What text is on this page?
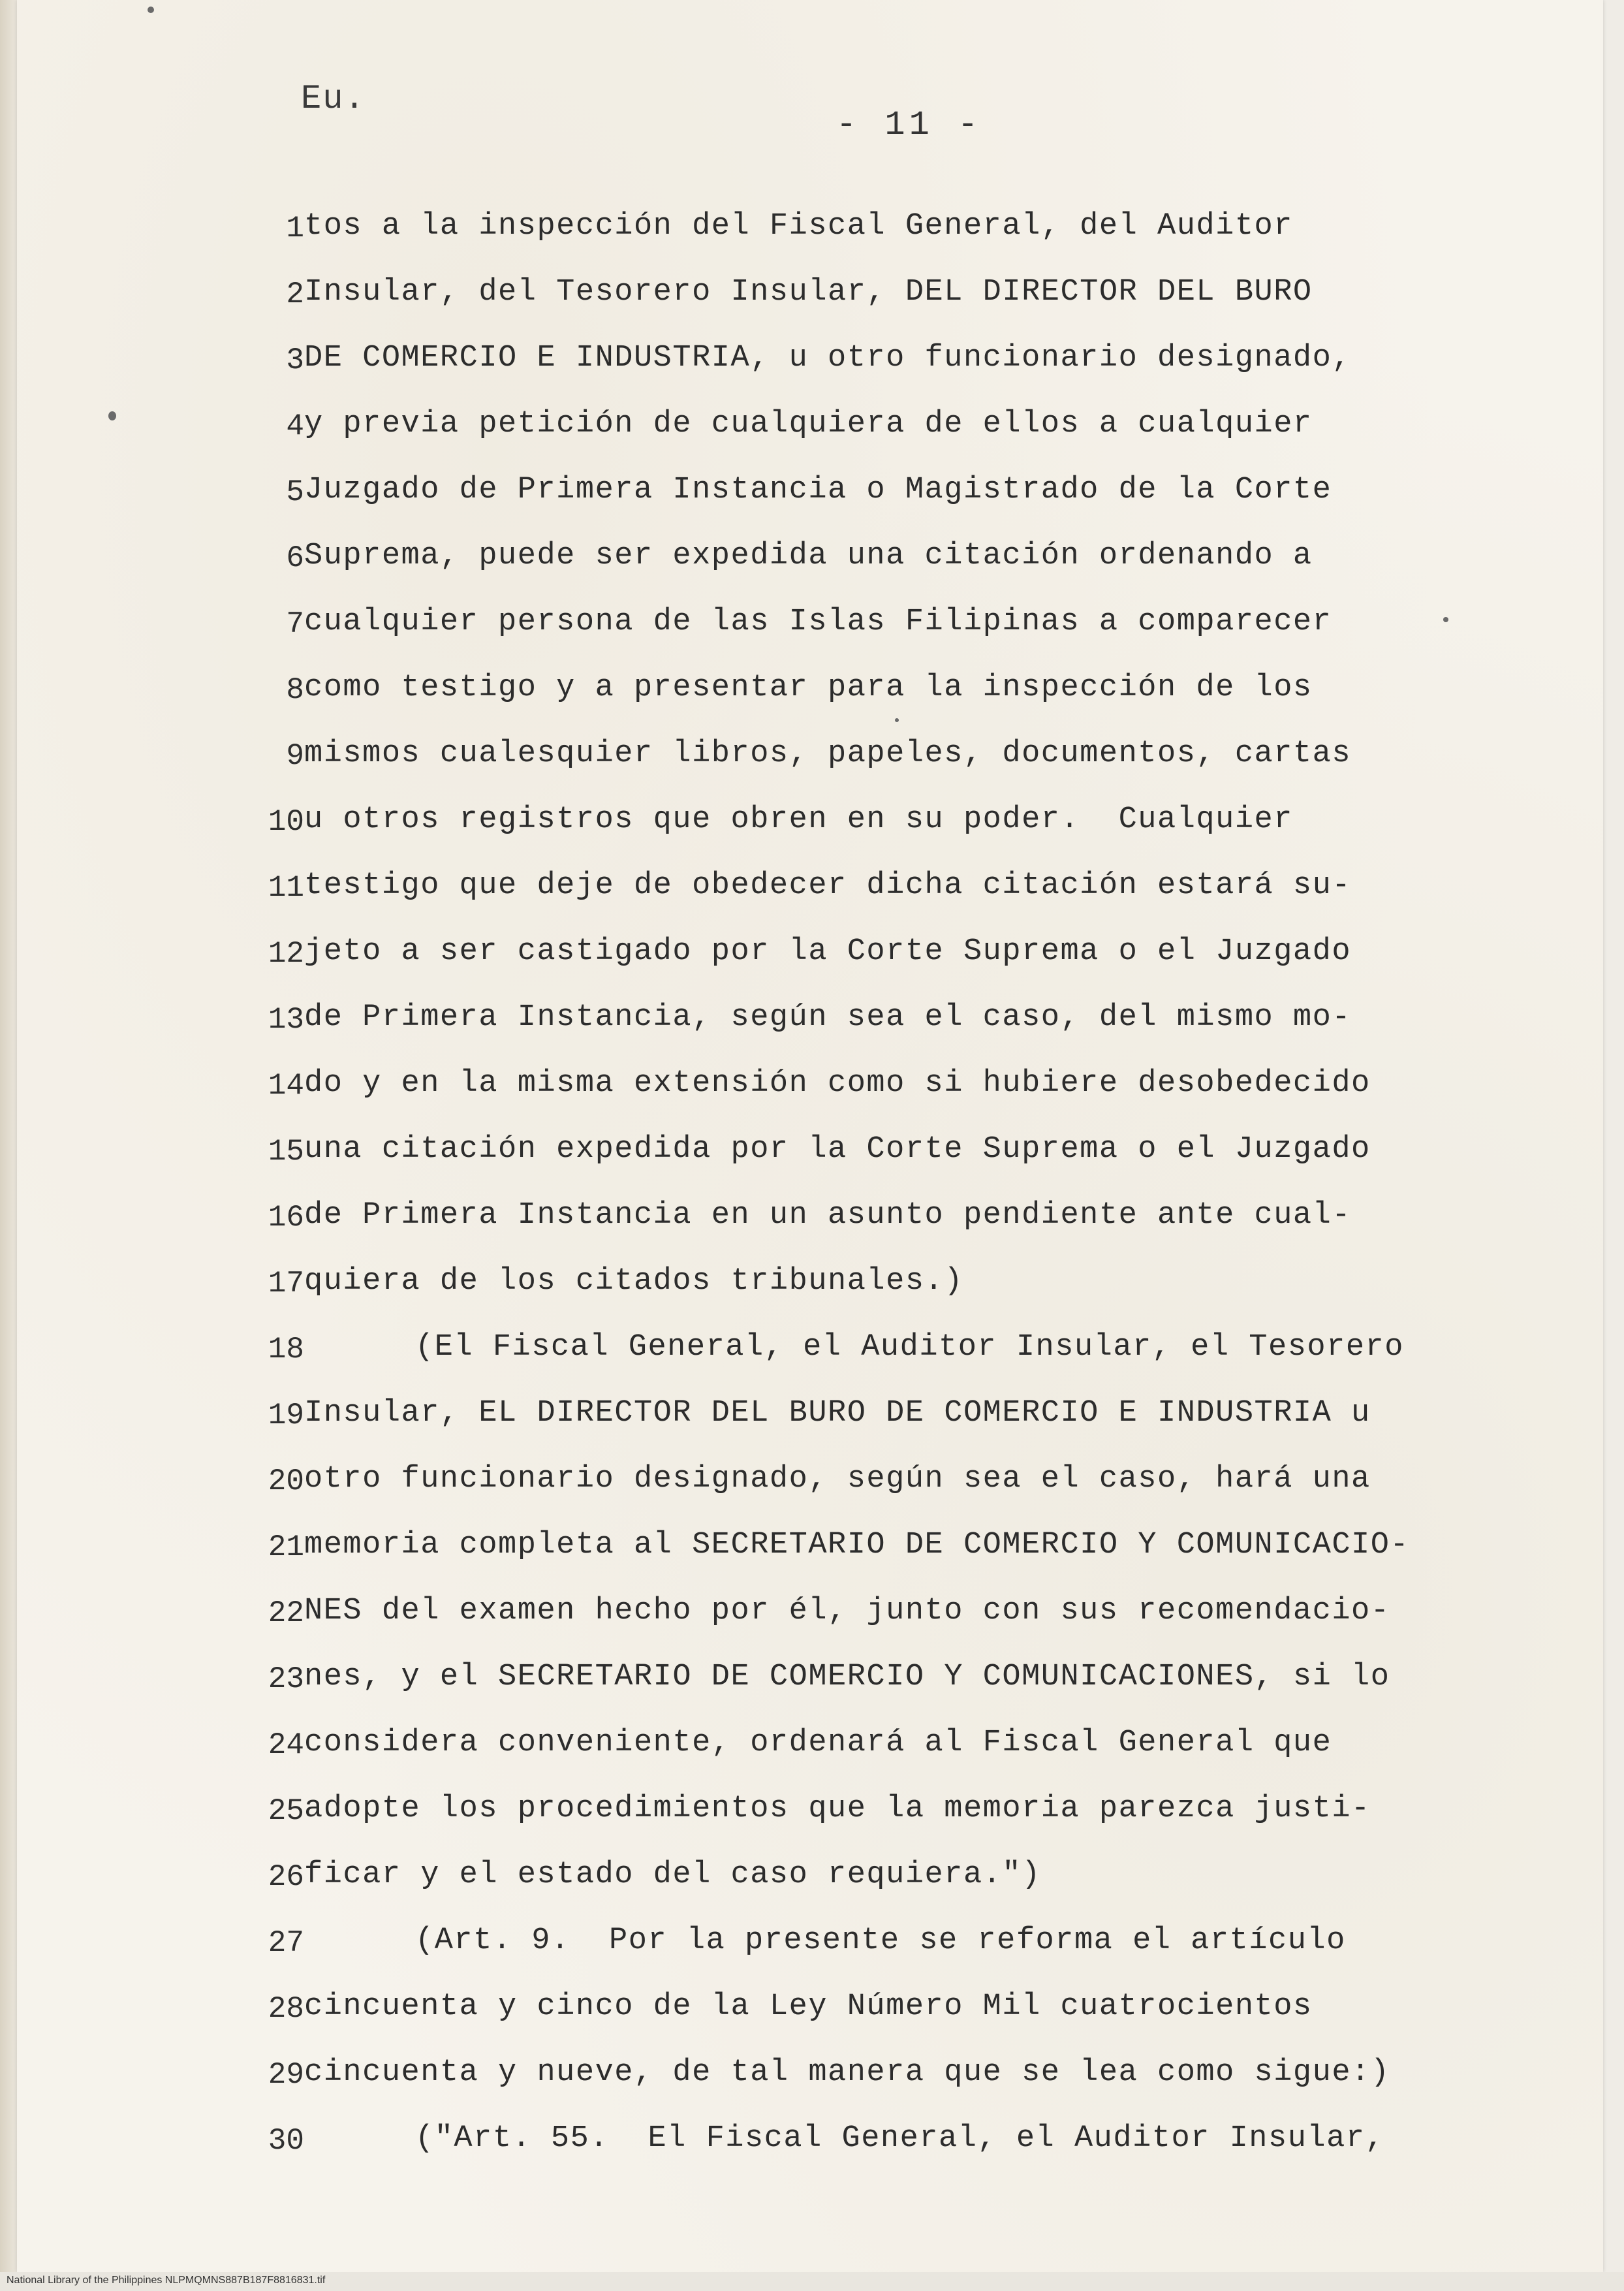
Eu.
- 11 -
1 tos a la inspección del Fiscal General, del Auditor
2 Insular, del Tesorero Insular, DEL DIRECTOR DEL BURO
3 DE COMERCIO E INDUSTRIA, u otro funcionario designado,
4 y previa petición de cualquiera de ellos a cualquier
5 Juzgado de Primera Instancia o Magistrado de la Corte
6 Suprema, puede ser expedida una citación ordenando a
7 cualquier persona de las Islas Filipinas a comparecer
8 como testigo y a presentar para la inspección de los
9 mismos cualesquier libros, papeles, documentos, cartas
10 u otros registros que obren en su poder.  Cualquier
11 testigo que deje de obedecer dicha citación estará su-
12 jeto a ser castigado por la Corte Suprema o el Juzgado
13 de Primera Instancia, según sea el caso, del mismo mo-
14 do y en la misma extensión como si hubiere desobedecido
15 una citación expedida por la Corte Suprema o el Juzgado
16 de Primera Instancia en un asunto pendiente ante cual-
17 quiera de los citados tribunales.)
18	(El Fiscal General, el Auditor Insular, el Tesorero
19 Insular, EL DIRECTOR DEL BURO DE COMERCIO E INDUSTRIA u
20 otro funcionario designado, según sea el caso, hará una
21 memoria completa al SECRETARIO DE COMERCIO Y COMUNICACIO-
22 NES del examen hecho por él, junto con sus recomendacio-
23 nes, y el SECRETARIO DE COMERCIO Y COMUNICACIONES, si lo
24 considera conveniente, ordenará al Fiscal General que
25 adopte los procedimientos que la memoria parezca justi-
26 ficar y el estado del caso requiera.")
27	(Art. 9.  Por la presente se reforma el artículo
28 cincuenta y cinco de la Ley Número Mil cuatrocientos
29 cincuenta y nueve, de tal manera que se lea como sigue:)
30	("Art. 55.  El Fiscal General, el Auditor Insular,
National Library of the Philippines NLPMQMNS887B187F8816831.tif
